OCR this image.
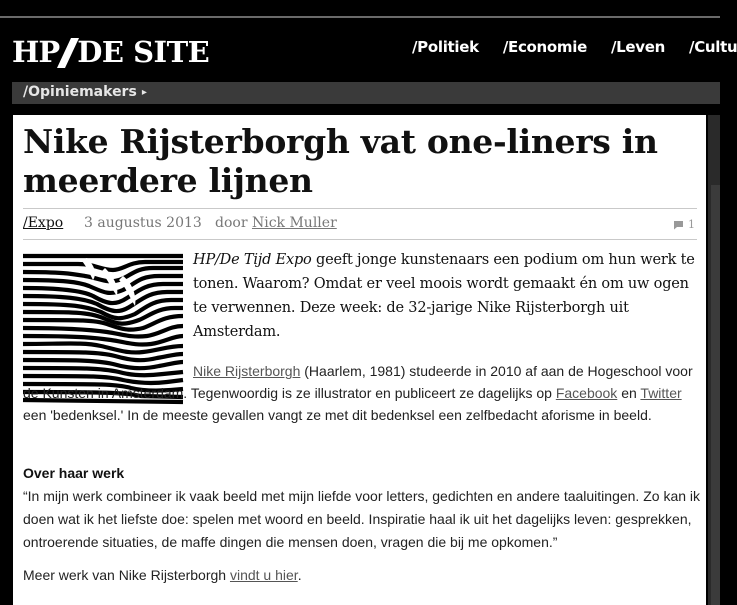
HP DE SITE	/Politiek /Economie /Leven /Cultu
/Opiniemakers ▸
Nike Rijsterborgh vat one-liners in meerdere lijnen
/Expo 3 augustus 2013 door Nick Muller	1

HP/De Tijd Expo geeft jonge kunstenaars een podium om hun werk te tonen. Waarom? Omdat er veel moois wordt gemaakt én om uw ogen te verwennen. Deze week: de 32-jarige Nike Rijsterborgh uit Amsterdam.

Nike Rijsterborgh (Haarlem, 1981) studeerde in 2010 af aan de Hogeschool voor de Kunsten in Amsterdam. Tegenwoordig is ze illustrator en publiceert ze dagelijks op Facebook en Twitter een 'bedenksel.' In de meeste gevallen vangt ze met dit bedenksel een zelfbedacht aforisme in beeld.

Over haar werk

“In mijn werk combineer ik vaak beeld met mijn liefde voor letters, gedichten en andere taaluitingen. Zo kan ik doen wat ik het liefste doe: spelen met woord en beeld. Inspiratie haal ik uit het dagelijks leven: gesprekken, ontroerende situaties, de maffe dingen die mensen doen, vragen die bij me opkomen.”

Meer werk van Nike Rijsterborgh vindt u hier.
